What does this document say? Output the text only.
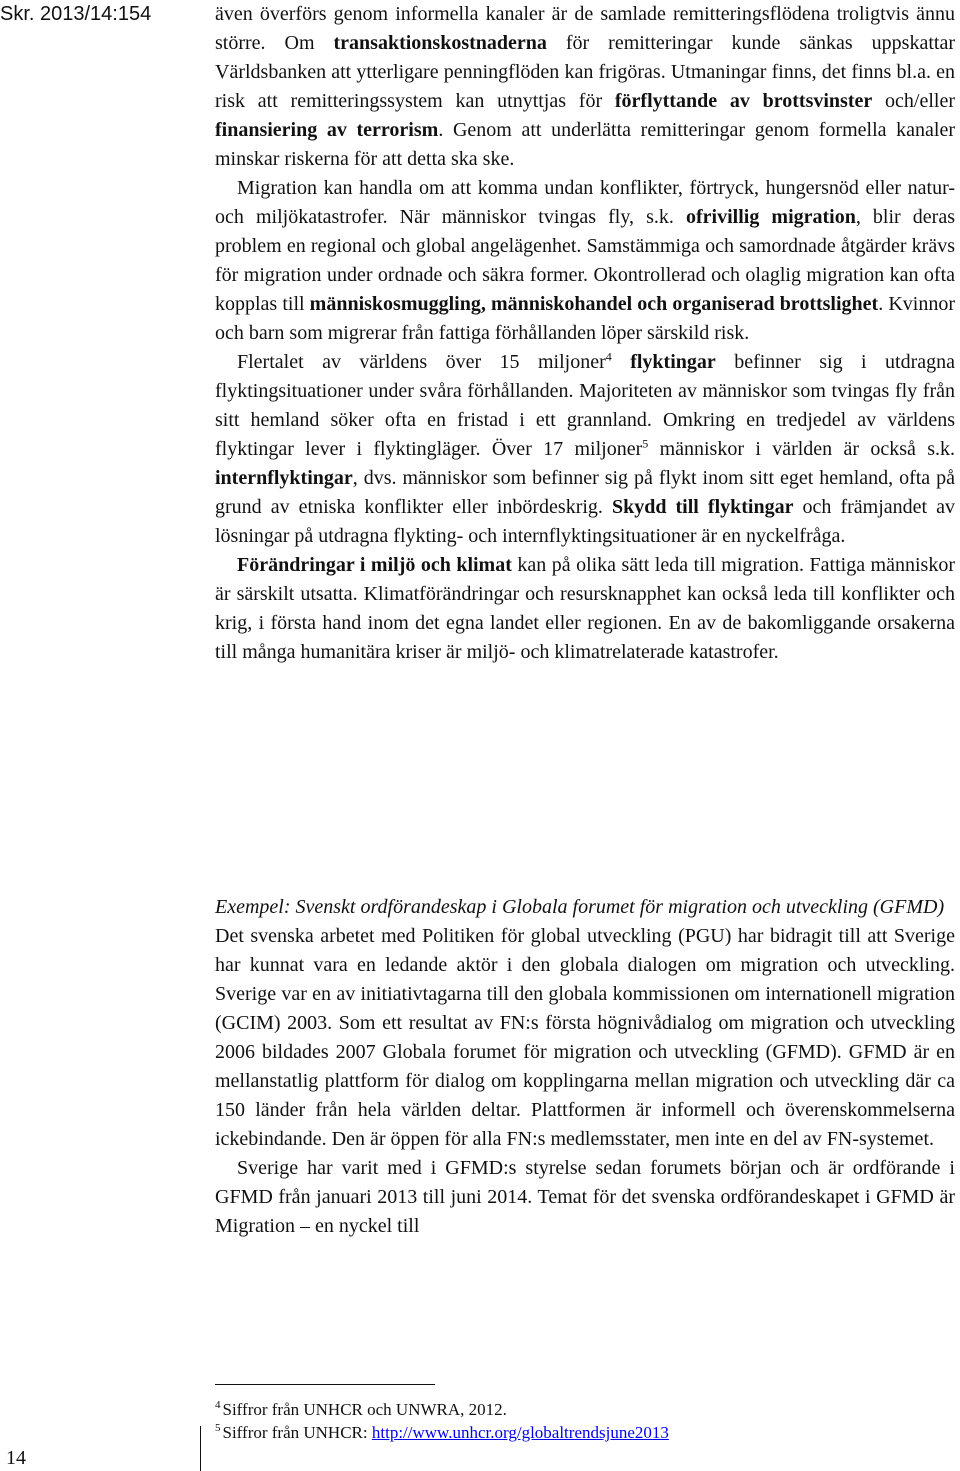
Skr. 2013/14:154	även överförs genom informella kanaler är de samlade remitteringsflödena troligtvis ännu större. Om transaktionskostnaderna för remitteringar kunde sänkas uppskattar Världsbanken att ytterligare penningflöden kan frigöras. Utmaningar finns, det finns bl.a. en risk att remitteringssystem kan utnyttjas för förflyttande av brottsvinster och/eller finansiering av terrorism. Genom att underlätta remitteringar genom formella kanaler minskar riskerna för att detta ska ske.

Migration kan handla om att komma undan konflikter, förtryck, hungersnöd eller natur- och miljökatastrofer. När människor tvingas fly, s.k. ofrivillig migration, blir deras problem en regional och global angelägenhet. Samstämmiga och samordnade åtgärder krävs för migration under ordnade och säkra former. Okontrollerad och olaglig migration kan ofta kopplas till människosmuggling, människohandel och organiserad brottslighet. Kvinnor och barn som migrerar från fattiga förhållanden löper särskild risk.

Flertalet av världens över 15 miljoner$^4$ flyktingar befinner sig i utdragna flyktingsituationer under svåra förhållanden. Majoriteten av människor som tvingas fly från sitt hemland söker ofta en fristad i ett grannland. Omkring en tredjedel av världens flyktingar lever i flyktingläger. Över 17 miljoner$^5$ människor i världen är också s.k. internflyktingar, dvs. människor som befinner sig på flykt inom sitt eget hemland, ofta på grund av etniska konflikter eller inbördeskrig. Skydd till flyktingar och främjandet av lösningar på utdragna flykting- och internflyktingsituationer är en nyckelfråga.

Förändringar i miljö och klimat kan på olika sätt leda till migration. Fattiga människor är särskilt utsatta. Klimatförändringar och resursknapphet kan också leda till konflikter och krig, i första hand inom det egna landet eller regionen. En av de bakomliggande orsakerna till många humanitära kriser är miljö- och klimatrelaterade katastrofer.

Exempel: Svenskt ordförandeskap i Globala forumet för migration och utveckling (GFMD)

Det svenska arbetet med Politiken för global utveckling (PGU) har bidragit till att Sverige har kunnat vara en ledande aktör i den globala dialogen om migration och utveckling. Sverige var en av initiativtagarna till den globala kommissionen om internationell migration (GCIM) 2003. Som ett resultat av FN:s första högnivådialog om migration och utveckling 2006 bildades 2007 Globala forumet för migration och utveckling (GFMD). GFMD är en mellanstatlig plattform för dialog om kopplingarna mellan migration och utveckling där ca 150 länder från hela världen deltar. Plattformen är informell och överenskommelserna ickebindande. Den är öppen för alla FN:s medlemsstater, men inte en del av FN-systemet.

Sverige har varit med i GFMD:s styrelse sedan forumets början och är ordförande i GFMD från januari 2013 till juni 2014. Temat för det svenska ordförandeskapet i GFMD är Migration – en nyckel till

$^4$ Siffror från UNHCR och UNWRA, 2012.

$^5$ Siffror från UNHCR: http://www.unhcr.org/globaltrendsjune2013

14
